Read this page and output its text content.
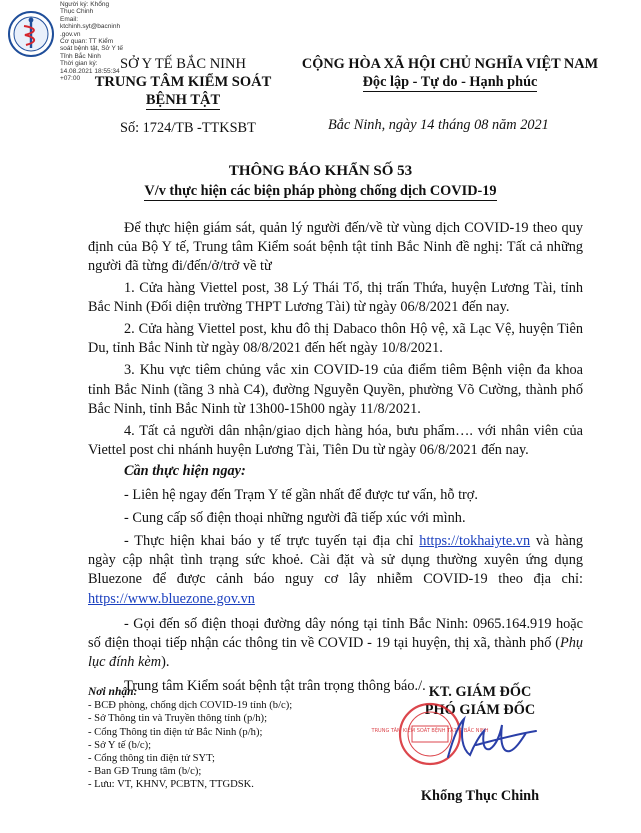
Người ký: Khổng
Thục Chinh
Email:
ktchinh.syt@bacninh
.gov.vn
Cơ quan: TT Kiểm
soát bệnh tật, Sở Y tế
Tỉnh Bắc Ninh
Thời gian ký:
14.08.2021 18:55:34
+07:00
SỞ Y TẾ BẮC NINH
TRUNG TÂM KIỂM SOÁT
BỆNH TẬT
Số: 1724/TB -TTKSBT
CỘNG HÒA XÃ HỘI CHỦ NGHĨA VIỆT NAM
Độc lập - Tự do - Hạnh phúc
Bắc Ninh, ngày 14 tháng 08 năm 2021
THÔNG BÁO KHẨN SỐ 53
V/v thực hiện các biện pháp phòng chống dịch COVID-19
Để thực hiện giám sát, quản lý người đến/về từ vùng dịch COVID-19 theo quy định của Bộ Y tế, Trung tâm Kiểm soát bệnh tật tỉnh Bắc Ninh đề nghị: Tất cả những người đã từng đi/đến/ở/trở về từ
1. Cửa hàng Viettel post, 38 Lý Thái Tổ, thị trấn Thứa, huyện Lương Tài, tỉnh Bắc Ninh (Đối diện trường THPT Lương Tài) từ ngày 06/8/2021 đến nay.
2. Cửa hàng Viettel post, khu đô thị Dabaco thôn Hộ vệ, xã Lạc Vệ, huyện Tiên Du, tỉnh Bắc Ninh từ ngày 08/8/2021 đến hết ngày 10/8/2021.
3. Khu vực tiêm chủng vắc xin COVID-19 của điểm tiêm Bệnh viện đa khoa tỉnh Bắc Ninh (tầng 3 nhà C4), đường Nguyễn Quyền, phường Võ Cường, thành phố Bắc Ninh, tỉnh Bắc Ninh từ 13h00-15h00 ngày 11/8/2021.
4. Tất cả người dân nhận/giao dịch hàng hóa, bưu phẩm…. với nhân viên của Viettel post chi nhánh huyện Lương Tài, Tiên Du từ ngày 06/8/2021 đến nay.
Cần thực hiện ngay:
- Liên hệ ngay đến Trạm Y tế gần nhất để được tư vấn, hỗ trợ.
- Cung cấp số điện thoại những người đã tiếp xúc với mình.
- Thực hiện khai báo y tế trực tuyến tại địa chỉ https://tokhaiyte.vn và hàng ngày cập nhật tình trạng sức khoẻ. Cài đặt và sử dụng thường xuyên ứng dụng Bluezone để được cảnh báo nguy cơ lây nhiễm COVID-19 theo địa chỉ: https://www.bluezone.gov.vn
- Gọi đến số điện thoại đường dây nóng tại tỉnh Bắc Ninh: 0965.164.919 hoặc số điện thoại tiếp nhận các thông tin về COVID - 19 tại huyện, thị xã, thành phố (Phụ lục đính kèm).
Trung tâm Kiểm soát bệnh tật trân trọng thông báo./.
Nơi nhận:
- BCĐ phòng, chống dịch COVID-19 tỉnh (b/c);
- Sở Thông tin và Truyền thông tỉnh (p/h);
- Cổng Thông tin điện tử Bắc Ninh (p/h);
- Sở Y tế (b/c);
- Cổng thông tin điện tử SYT;
- Ban GĐ Trung tâm (b/c);
- Lưu: VT, KHNV, PCBTN, TTGDSK.
KT. GIÁM ĐỐC
PHÓ GIÁM ĐỐC
TRUNG TÂM KIỂM SOÁT BỆNH TẬT T. BẮC NINH
Khổng Thục Chinh
